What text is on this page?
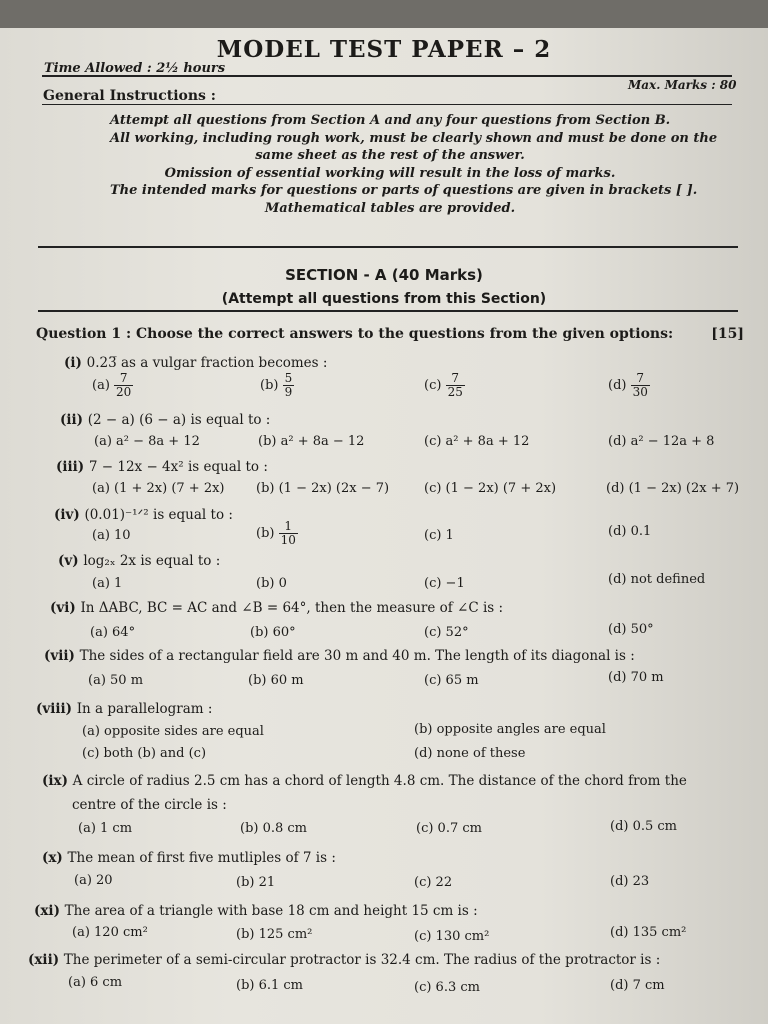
MODEL TEST PAPER – 2
Time Allowed : 2½ hours
Max. Marks : 80
General Instructions :
Attempt all questions from Section A and any four questions from Section B.
All working, including rough work, must be clearly shown and must be done on the
same sheet as the rest of the answer.
Omission of essential working will result in the loss of marks.
The intended marks for questions or parts of questions are given in brackets [ ].
Mathematical tables are provided.
SECTION - A (40 Marks)
(Attempt all questions from this Section)
Question 1 : Choose the correct answers to the questions from the given options:	[15]
(i) 0.23̅ as a vulgar fraction becomes :
$(a) \frac{7}{20}$	$(b) \frac{5}{9}$	$(c) \frac{7}{25}$	$(d) \frac{7}{30}$
(ii) (2 − a) (6 − a) is equal to :
(a) a² − 8a + 12	(b) a² + 8a − 12	(c) a² + 8a + 12	(d) a² − 12a + 8
(iii) 7 − 12x − 4x² is equal to :
(a) (1 + 2x) (7 + 2x) (b) (1 − 2x) (2x − 7)	(c) (1 − 2x) (7 + 2x)	(d) (1 − 2x) (2x + 7)
(iv) (0.01)⁻¹ᐟ² is equal to :
(a) 10	$(b) \frac{1}{10}$	(c) 1	(d) 0.1
(v) log₂ₓ 2x is equal to :
(a) 1	(b) 0	(c) −1	(d) not defined
(vi) In ΔABC, BC = AC and ∠B = 64°, then the measure of ∠C is :
(a) 64°	(b) 60°	(c) 52°	(d) 50°
(vii) The sides of a rectangular field are 30 m and 40 m. The length of its diagonal is :
(a) 50 m	(b) 60 m	(c) 65 m	(d) 70 m
(viii) In a parallelogram :
(a) opposite sides are equal	(b) opposite angles are equal
(c) both (b) and (c)	(d) none of these
(ix) A circle of radius 2.5 cm has a chord of length 4.8 cm. The distance of the chord from the
centre of the circle is :
(a) 1 cm	(b) 0.8 cm	(c) 0.7 cm	(d) 0.5 cm
(x) The mean of first five mutliples of 7 is :
(a) 20	(b) 21	(c) 22	(d) 23
(xi) The area of a triangle with base 18 cm and height 15 cm is :
(a) 120 cm²	(b) 125 cm²	(c) 130 cm²	(d) 135 cm²
(xii) The perimeter of a semi-circular protractor is 32.4 cm. The radius of the protractor is :
(a) 6 cm	(b) 6.1 cm	(c) 6.3 cm	(d) 7 cm
